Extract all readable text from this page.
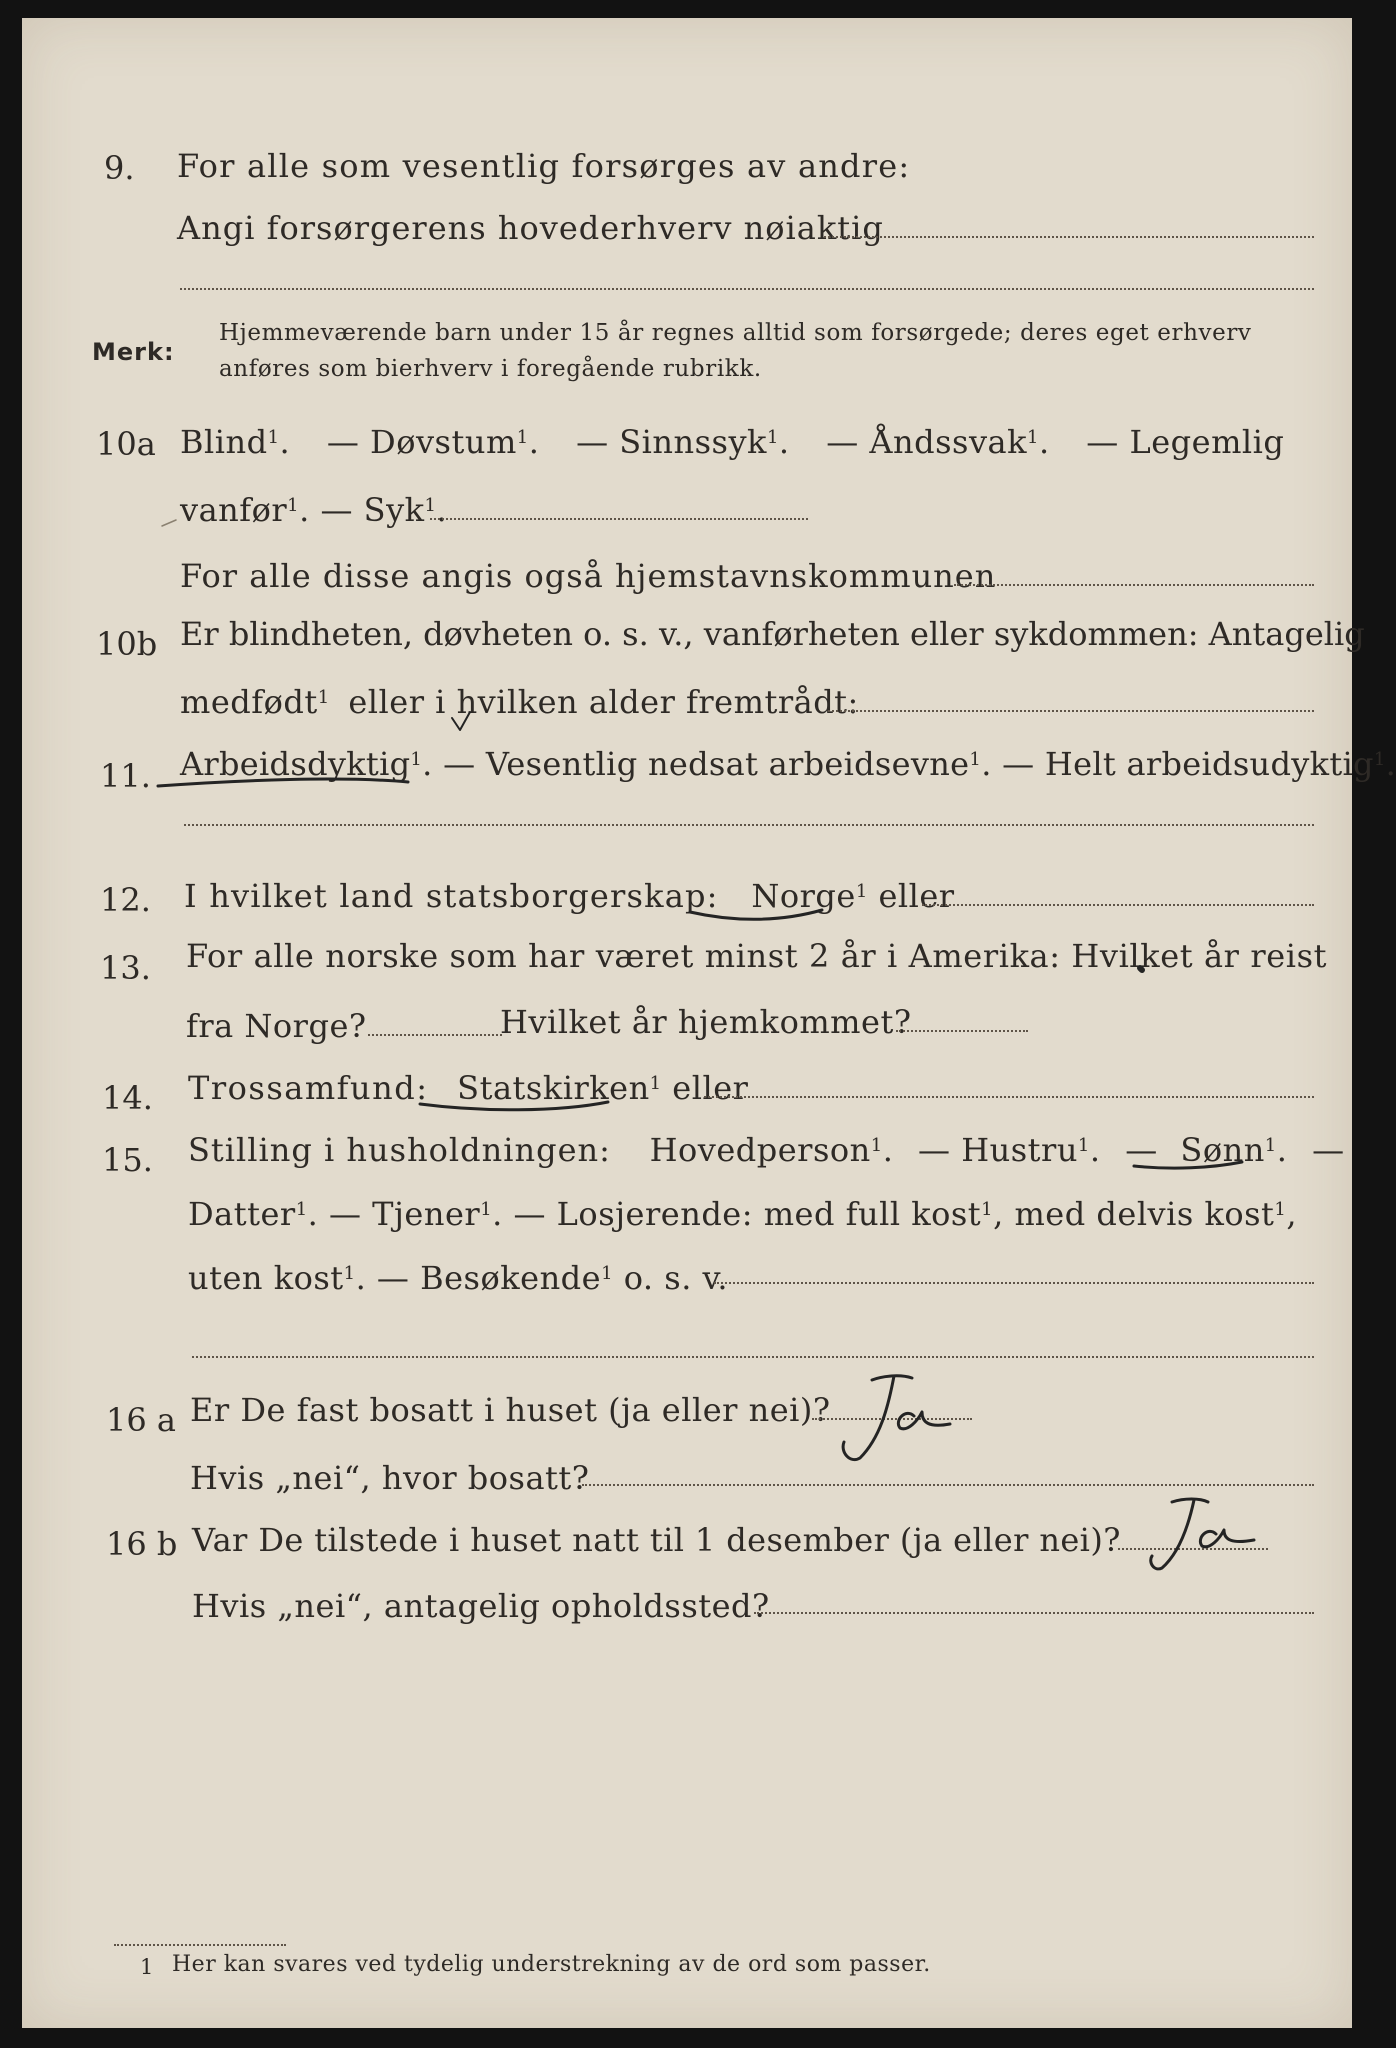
9. For alle som vesentlig forsørges av andre:
Angi forsørgerens hovederhverv nøiaktig
Merk:
Hjemmeværende barn under 15 år regnes alltid som forsørgede; deres eget erhverv
anføres som bierhverv i foregående rubrikk.
10a Blind$^1$. — Døvstum$^1$. — Sinnssyk$^1$. — Åndssvak$^1$. — Legemlig
vanfør$^1$. — Syk$^1$.
For alle disse angis også hjemstavnskommunen
10b Er blindheten, døvheten o. s. v., vanførheten eller sykdommen: Antagelig
medfødt$^1$ eller i hvilken alder fremtrådt:
11. Arbeidsdyktig$^1$. — Vesentlig nedsat arbeidsevne$^1$. — Helt arbeidsudyktig$^1$.
12. I hvilket land statsborgerskap: Norge$^1$ eller
13. For alle norske som har været minst 2 år i Amerika: Hvilket år reist
fra Norge?	Hvilket år hjemkommet?
14. Trossamfund: Statskirken$^1$ eller
15. Stilling i husholdningen: Hovedperson$^1$. — Hustru$^1$. — Sønn$^1$. —
Datter$^1$. — Tjener$^1$. — Losjerende: med full kost$^1$, med delvis kost$^1$,
uten kost$^1$. — Besøkende$^1$ o. s. v.
16 a Er De fast bosatt i huset (ja eller nei)?
Hvis „nei“, hvor bosatt?
16 b Var De tilstede i huset natt til 1 desember (ja eller nei)?
Hvis „nei“, antagelig opholdssted?
1 Her kan svares ved tydelig understrekning av de ord som passer.
